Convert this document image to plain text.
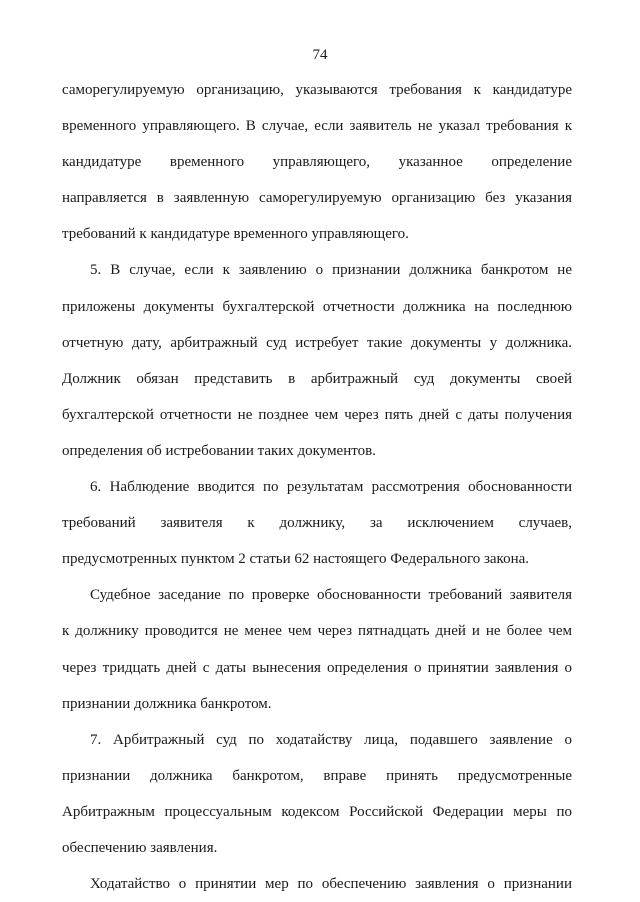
74
саморегулируемую организацию, указываются требования к кандидатуре
временного управляющего. В случае, если заявитель не указал требования к
кандидатуре временного управляющего, указанное определение
направляется в заявленную саморегулируемую организацию без указания
требований к кандидатуре временного управляющего.
5. В случае, если к заявлению о признании должника банкротом не
приложены документы бухгалтерской отчетности должника на последнюю
отчетную дату, арбитражный суд истребует такие документы у должника.
Должник обязан представить в арбитражный суд документы своей
бухгалтерской отчетности не позднее чем через пять дней с даты получения
определения об истребовании таких документов.
6. Наблюдение вводится по результатам рассмотрения обоснованности
требований заявителя к должнику, за исключением случаев,
предусмотренных пунктом 2 статьи 62 настоящего Федерального закона.
Судебное заседание по проверке обоснованности требований заявителя
к должнику проводится не менее чем через пятнадцать дней и не более чем
через тридцать дней с даты вынесения определения о принятии заявления о
признании должника банкротом.
7. Арбитражный суд по ходатайству лица, подавшего заявление о
признании должника банкротом, вправе принять предусмотренные
Арбитражным процессуальным кодексом Российской Федерации меры по
обеспечению заявления.
Ходатайство о принятии мер по обеспечению заявления о признании
